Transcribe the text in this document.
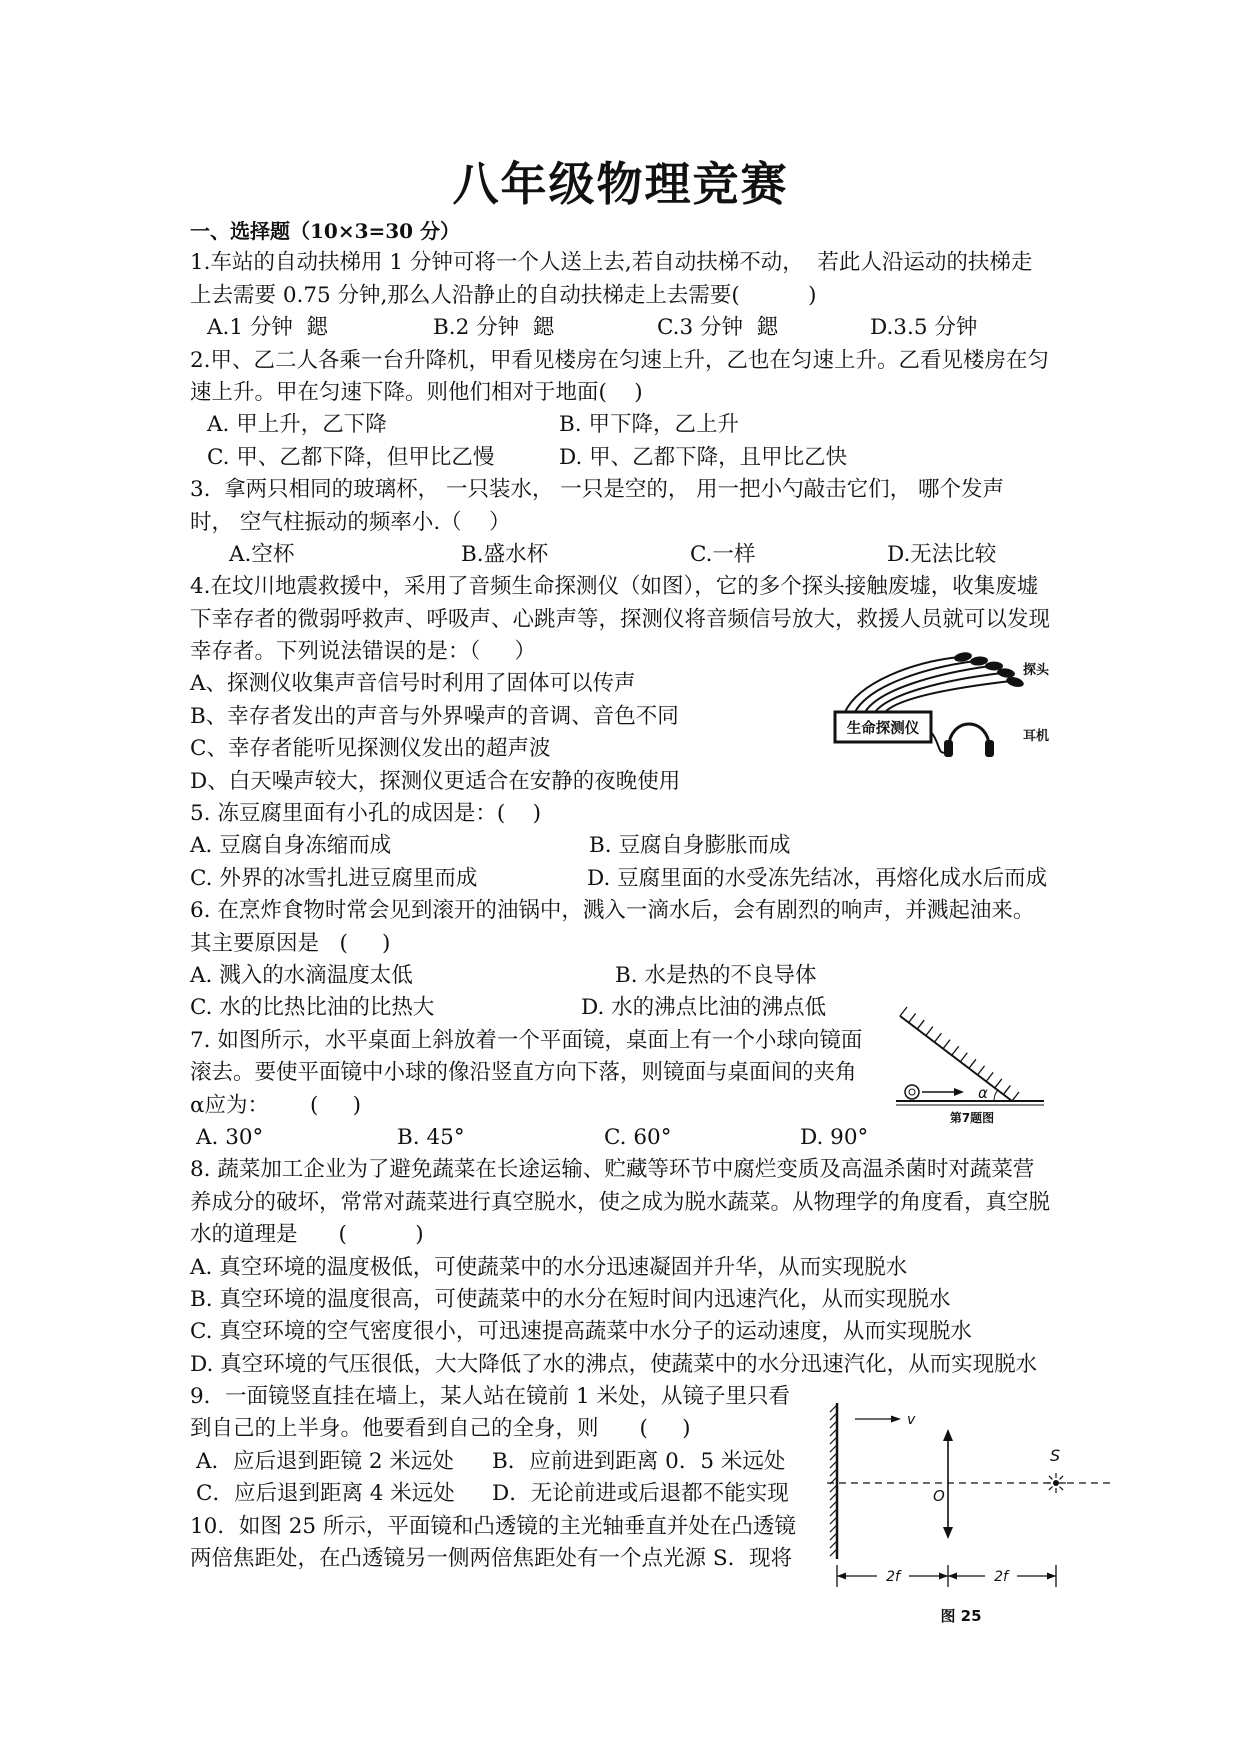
八年级物理竞赛
一、选择题（10×3=30 分）
1.车站的自动扶梯用 1 分钟可将一个人送上去,若自动扶梯不动，  若此人沿运动的扶梯走
上去需要 0.75 分钟,那么人沿静止的自动扶梯走上去需要(          )

A.1 分钟  鍶

	B.2 分钟  鍶

	C.3 分钟  鍶

	D.3.5 分钟

2.甲、乙二人各乘一台升降机，甲看见楼房在匀速上升，乙也在匀速上升。乙看见楼房在匀
速上升。甲在匀速下降。则他们相对于地面(    )

A. 甲上升，乙下降

	B. 甲下降，乙上升

C. 甲、乙都下降，但甲比乙慢

	D. 甲、乙都下降，且甲比乙快

3.  拿两只相同的玻璃杯， 一只装水， 一只是空的， 用一把小勺敲击它们， 哪个发声
时， 空气柱振动的频率小.（    ）

A.空杯

	B.盛水杯

	C.一样

	D.无法比较

4.在坟川地震救援中，采用了音频生命探测仪（如图），它的多个探头接触废墟，收集废墟
下幸存者的微弱呼救声、呼吸声、心跳声等，探测仪将音频信号放大，救援人员就可以发现
幸存者。下列说法错误的是：（     ）
A、探测仪收集声音信号时利用了固体可以传声
B、幸存者发出的声音与外界噪声的音调、音色不同
C、幸存者能听见探测仪发出的超声波
D、白天噪声较大，探测仪更适合在安静的夜晚使用
5. 冻豆腐里面有小孔的成因是：(    )

A. 豆腐自身冻缩而成

	B. 豆腐自身膨胀而成

C. 外界的冰雪扎进豆腐里而成

	D. 豆腐里面的水受冻先结冰，再熔化成水后而成

6. 在烹炸食物时常会见到滚开的油锅中，溅入一滴水后，会有剧烈的响声，并溅起油来。
其主要原因是   (     )

A. 溅入的水滴温度太低

	B. 水是热的不良导体

C. 水的比热比油的比热大

	D. 水的沸点比油的沸点低

7. 如图所示，水平桌面上斜放着一个平面镜，桌面上有一个小球向镜面
滚去。要使平面镜中小球的像沿竖直方向下落，则镜面与桌面间的夹角
α应为：      (     )

A. 30°

	B. 45°

	C. 60°

	D. 90°

8. 蔬菜加工企业为了避免蔬菜在长途运输、贮藏等环节中腐烂变质及高温杀菌时对蔬菜营
养成分的破坏，常常对蔬菜进行真空脱水，使之成为脱水蔬菜。从物理学的角度看，真空脱
水的道理是      (          )
A. 真空环境的温度极低，可使蔬菜中的水分迅速凝固并升华，从而实现脱水
B. 真空环境的温度很高，可使蔬菜中的水分在短时间内迅速汽化，从而实现脱水
C. 真空环境的空气密度很小，可迅速提高蔬菜中水分子的运动速度，从而实现脱水
D. 真空环境的气压很低，大大降低了水的沸点，使蔬菜中的水分迅速汽化，从而实现脱水
9．一面镜竖直挂在墙上，某人站在镜前 1 米处，从镜子里只看
到自己的上半身。他要看到自己的全身，则      (     )

A．应后退到距镜 2 米远处

B．应前进到距离 0．5 米远处

C．应后退到距离 4 米远处

D．无论前进或后退都不能实现

10．如图 25 所示，平面镜和凸透镜的主光轴垂直并处在凸透镜
两倍焦距处，在凸透镜另一侧两倍焦距处有一个点光源 S．现将
探头
生命探测仪	耳机
α
第7题图
v
O
S
2f	2f
图 25
